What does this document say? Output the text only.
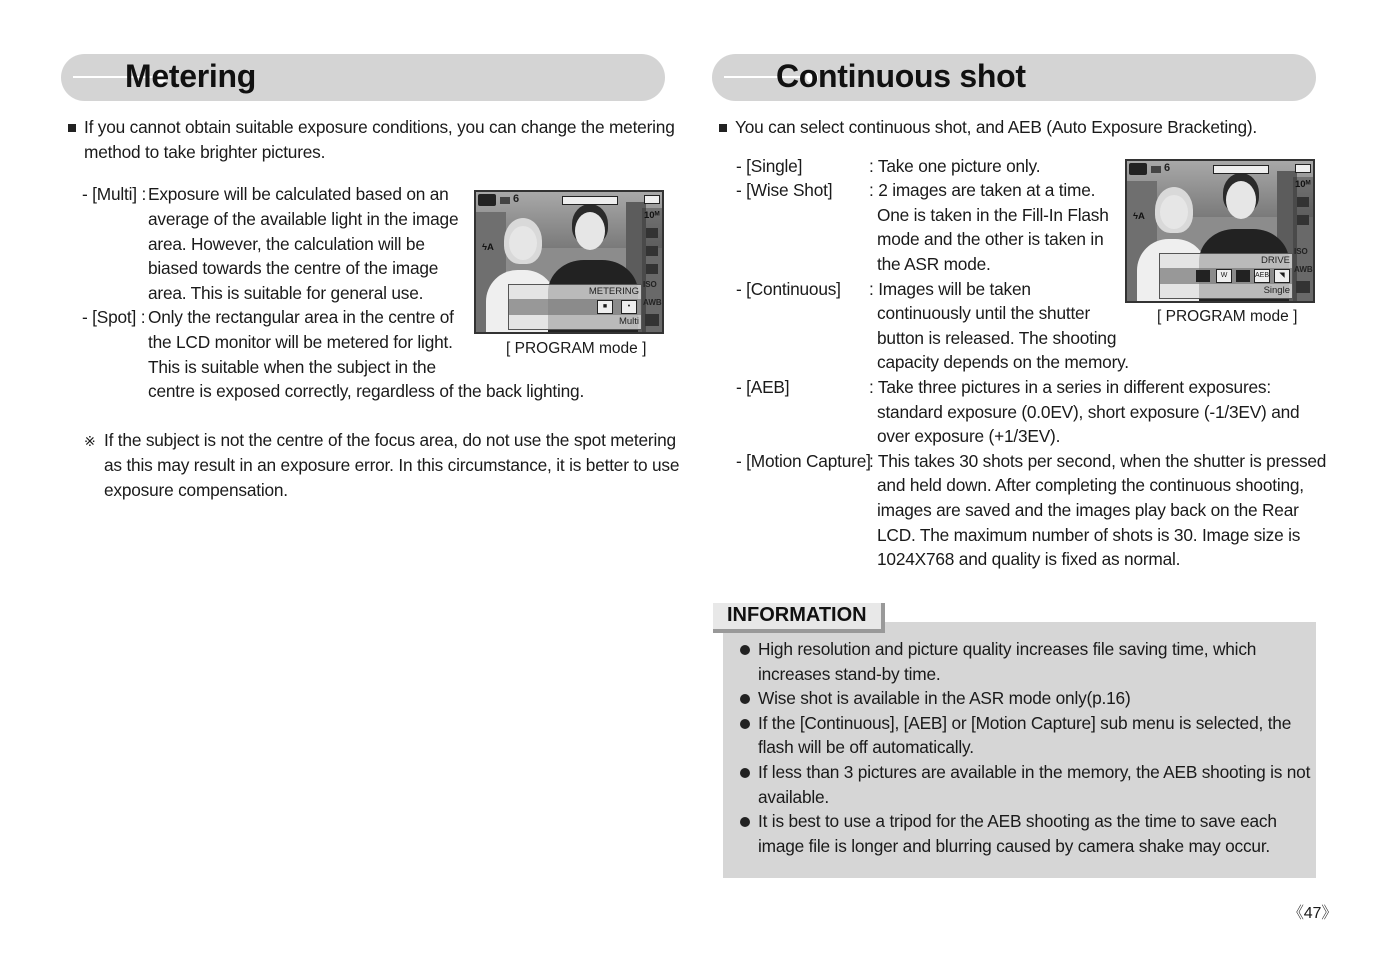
Metering
If you cannot obtain suitable exposure conditions, you can change the metering
method to take brighter pictures.
- [Multi] : Exposure will be calculated based on an
average of the available light in the image
area. However, the calculation will be
biased towards the centre of the image
area. This is suitable for general use.
- [Spot] : Only the rectangular area in the centre of
the LCD monitor will be metered for light.
This is suitable when the subject in the
centre is exposed correctly, regardless of the back lighting.
※ If the subject is not the centre of the focus area, do not use the spot metering
as this may result in an exposure error. In this circumstance, it is better to use
exposure compensation.
6
10ᴹ
ISO
AWB
ϟA
METERING
■	•
Multi
[ PROGRAM mode ]
Continuous shot
You can select continuous shot, and AEB (Auto Exposure Bracketing).
- [Single]	: Take one picture only.
- [Wise Shot] : 2 images are taken at a time.
One is taken in the Fill-In Flash
mode and the other is taken in
the ASR mode.
- [Continuous] : Images will be taken
continuously until the shutter
button is released. The shooting
capacity depends on the memory.
- [AEB]	: Take three pictures in a series in different exposures:
standard exposure (0.0EV), short exposure (-1/3EV) and
over exposure (+1/3EV).
- [Motion Capture]
: This takes 30 shots per second, when the shutter is pressed
and held down. After completing the continuous shooting,
images are saved and the images play back on the Rear
LCD. The maximum number of shots is 30. Image size is
1024X768 and quality is fixed as normal.
6
10ᴹ
ISO
AWB
ϟA
DRIVE
W	AEB	◥
Single
[ PROGRAM mode ]
INFORMATION
High resolution and picture quality increases file saving time, which
increases stand-by time.
Wise shot is available in the ASR mode only(p.16)
If the [Continuous], [AEB] or [Motion Capture] sub menu is selected, the
flash will be off automatically.
If less than 3 pictures are available in the memory, the AEB shooting is not
available.
It is best to use a tripod for the AEB shooting as the time to save each
image file is longer and blurring caused by camera shake may occur.
《47》
